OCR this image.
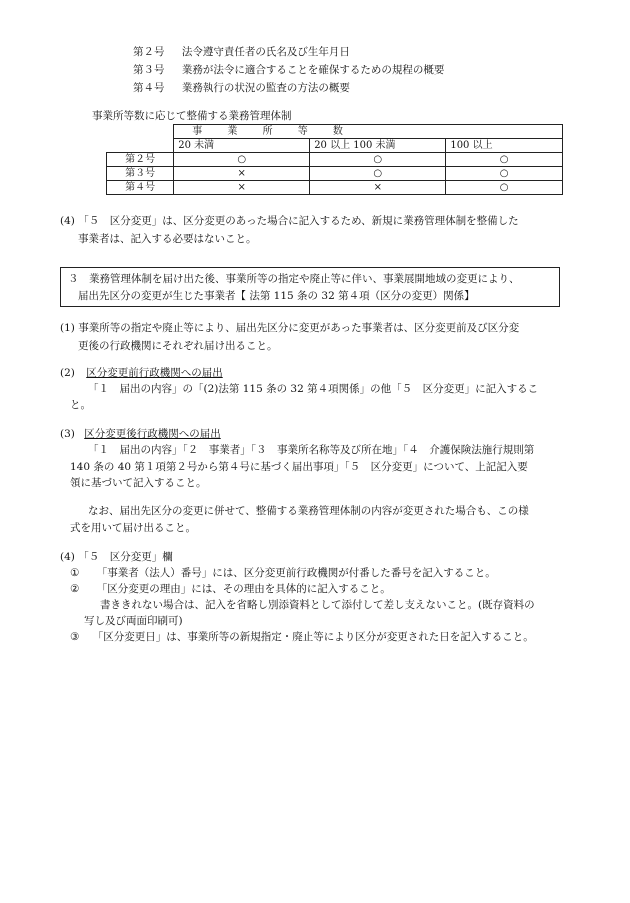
第２号 法令遵守責任者の氏名及び生年月日
第３号 業務が法令に適合することを確保するための規程の概要
第４号 業務執行の状況の監査の方法の概要
事業所等数に応じて整備する業務管理体制
	事 業 所 等 数		
	20 未満	20 以上 100 未満	100 以上
第２号	○	○	○
第３号	×	○	○
第４号	×	×	○
(4) 「５　区分変更」は、区分変更のあった場合に記入するため、新規に業務管理体制を整備した
事業者は、記入する必要はないこと。
３　業務管理体制を届け出た後、事業所等の指定や廃止等に伴い、事業展開地域の変更により、
届出先区分の変更が生じた事業者【 法第 115 条の 32 第４項（区分の変更）関係】
(1) 事業所等の指定や廃止等により、届出先区分に変更があった事業者は、区分変更前及び区分変
更後の行政機関にそれぞれ届け出ること。
(2) 区分変更前行政機関への届出
「１　届出の内容」の「(2)法第 115 条の 32 第４項関係」の他「５　区分変更」に記入するこ
と。
(3) 区分変更後行政機関への届出
「１　届出の内容」「２　事業者」「３　事業所名称等及び所在地」「４　介護保険法施行規則第
140 条の 40 第１項第２号から第４号に基づく届出事項」「５　区分変更」について、上記記入要
領に基づいて記入すること。
なお、届出先区分の変更に併せて、整備する業務管理体制の内容が変更された場合も、この様
式を用いて届け出ること。
(4) 「５　区分変更」欄
① 「事業者（法人）番号」には、区分変更前行政機関が付番した番号を記入すること。
② 「区分変更の理由」には、その理由を具体的に記入すること。
書ききれない場合は、記入を省略し別添資料として添付して差し支えないこと。(既存資料の
写し及び両面印刷可)
③ 「区分変更日」は、事業所等の新規指定・廃止等により区分が変更された日を記入すること。
